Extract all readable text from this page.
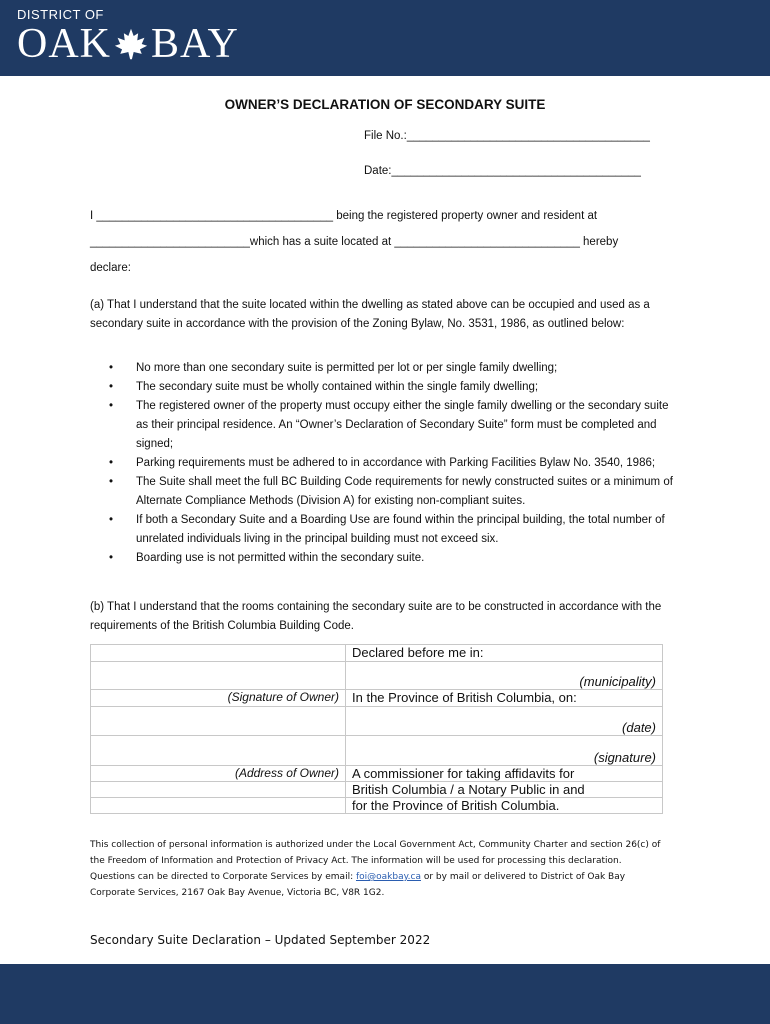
DISTRICT OF
OAK BAY
OWNER’S DECLARATION OF SECONDARY SUITE
File No.:______________________________________
Date:_______________________________________
I _____________________________________ being the registered property owner and resident at
_________________________which has a suite located at _____________________________ hereby
declare:
(a) That I understand that the suite located within the dwelling as stated above can be occupied and used as a secondary suite in accordance with the provision of the Zoning Bylaw, No. 3531, 1986, as outlined below:
• No more than one secondary suite is permitted per lot or per single family dwelling;
• The secondary suite must be wholly contained within the single family dwelling;
• The registered owner of the property must occupy either the single family dwelling or the secondary suite as their principal residence. An “Owner’s Declaration of Secondary Suite” form must be completed and signed;
• Parking requirements must be adhered to in accordance with Parking Facilities Bylaw No. 3540, 1986;
• The Suite shall meet the full BC Building Code requirements for newly constructed suites or a minimum of Alternate Compliance Methods (Division A) for existing non-compliant suites.
• If both a Secondary Suite and a Boarding Use are found within the principal building, the total number of unrelated individuals living in the principal building must not exceed six.
• Boarding use is not permitted within the secondary suite.
(b) That I understand that the rooms containing the secondary suite are to be constructed in accordance with the requirements of the British Columbia Building Code.
	Declared before me in:
	(municipality)
(Signature of Owner)	In the Province of British Columbia, on:
	(date)
	(signature)
(Address of Owner)	A commissioner for taking affidavits for
	British Columbia / a Notary Public in and
	for the Province of British Columbia.
This collection of personal information is authorized under the Local Government Act, Community Charter and section 26(c) of
the Freedom of Information and Protection of Privacy Act. The information will be used for processing this declaration.
Questions can be directed to Corporate Services by email: foi@oakbay.ca or by mail or delivered to District of Oak Bay
Corporate Services, 2167 Oak Bay Avenue, Victoria BC, V8R 1G2.
Secondary Suite Declaration – Updated September 2022
